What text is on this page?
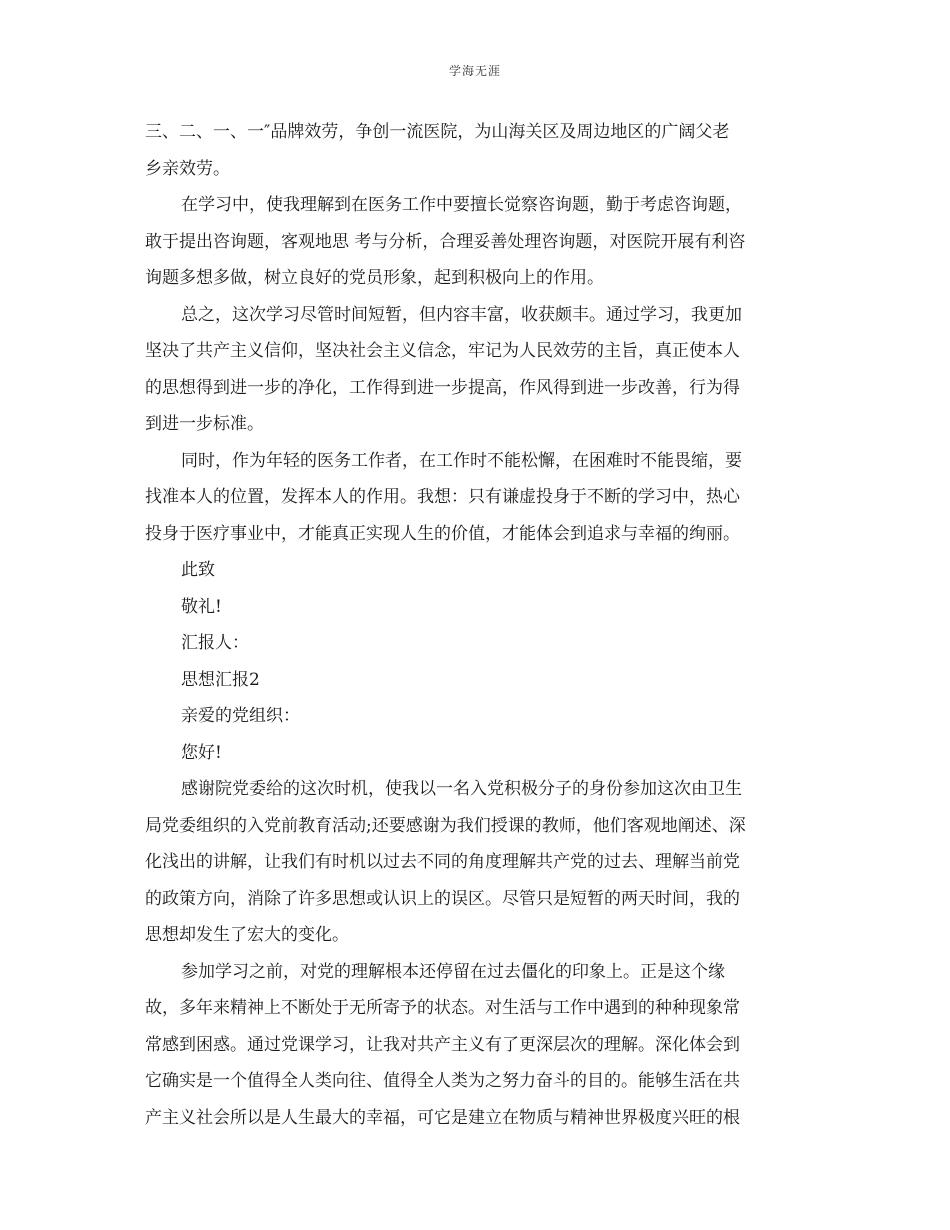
学海无涯

三、二、一、一″品牌效劳，争创一流医院，为山海关区及周边地区的广阔父老

乡亲效劳。

在学习中，使我理解到在医务工作中要擅长觉察咨询题，勤于考虑咨询题，

敢于提出咨询题，客观地思 考与分析，合理妥善处理咨询题，对医院开展有利咨

询题多想多做，树立良好的党员形象，起到积极向上的作用。

总之，这次学习尽管时间短暂，但内容丰富，收获颇丰。通过学习，我更加

坚决了共产主义信仰，坚决社会主义信念，牢记为人民效劳的主旨，真正使本人

的思想得到进一步的净化，工作得到进一步提高，作风得到进一步改善，行为得

到进一步标准。

同时，作为年轻的医务工作者，在工作时不能松懈，在困难时不能畏缩，要

找准本人的位置，发挥本人的作用。我想：只有谦虚投身于不断的学习中，热心

投身于医疗事业中，才能真正实现人生的价值，才能体会到追求与幸福的绚丽。

此致

敬礼!

汇报人：

思想汇报2

亲爱的党组织：

您好!

感谢院党委给的这次时机，使我以一名入党积极分子的身份参加这次由卫生

局党委组织的入党前教育活动;还要感谢为我们授课的教师，他们客观地阐述、深

化浅出的讲解，让我们有时机以过去不同的角度理解共产党的过去、理解当前党

的政策方向，消除了许多思想或认识上的误区。尽管只是短暂的两天时间，我的

思想却发生了宏大的变化。

参加学习之前，对党的理解根本还停留在过去僵化的印象上。正是这个缘

故，多年来精神上不断处于无所寄予的状态。对生活与工作中遇到的种种现象常

常感到困惑。通过党课学习，让我对共产主义有了更深层次的理解。深化体会到

它确实是一个值得全人类向往、值得全人类为之努力奋斗的目的。能够生活在共

产主义社会所以是人生最大的幸福，可它是建立在物质与精神世界极度兴旺的根
